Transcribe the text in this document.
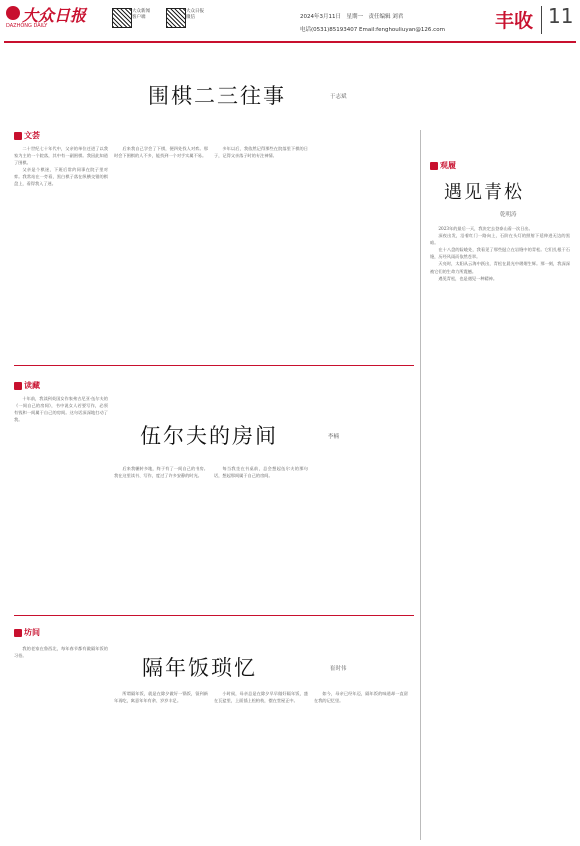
大众日报
DAZHONG DAILY
大众新闻
客户端
大众日报
微信	2024年3月11日　星期一　责任编辑 刘君
电话(0531)85193407 Email:fenghouliuyan@126.com	丰收 11
文荟
围棋二三往事	于志斌

二十世纪七十年代中，父亲的单位迁进了以我家为主的一个院落，其中有一副围棋。我因此知道了围棋。

父亲是个棋迷，下班后常约同事在院子里对弈。我常站在一旁看，黑白棋子落在纵横交错的棋盘上，看得我入了迷。

后来我自己学会了下棋，便四处找人对弈。那时会下围棋的人不多，能找到一个对手实属不易。

多年以后，我依然记得那些在院落里下棋的日子，记得父亲落子时的专注神情。

读藏
伍尔夫的房间	李楠

十年前，我读到英国女作家弗吉尼亚·伍尔夫的《一间自己的房间》，书中说女人若要写作，必须有钱和一间属于自己的房间。这句话深深地打动了我。

后来我辗转多地，终于有了一间自己的书房。我在这里读书、写作，度过了许多安静的时光。

每当我坐在书桌前，总会想起伍尔夫的那句话，想起那间属于自己的房间。

坊间
隔年饭琐忆	崔时伟

我的老家在鲁西北，每年春节都有做隔年饭的习俗。

所谓隔年饭，就是在除夕做好一锅饭，留到新年再吃，寓意年年有余、岁岁丰足。

小时候，母亲总是在除夕早早做好隔年饭，盛在瓦盆里，上面插上松柏枝，摆在堂屋正中。

如今，母亲已经年迈，隔年饭的味道却一直留在我的记忆里。

观履
遇见青松
乾明涛

2023年的最后一天，我决定去登泰山看一次日出。

深夜出发，沿着红门一路向上，石阶在头灯的照射下延伸进无边的黑暗。

在十八盘的险峻处，我看见了那些挺立在岩缝中的青松。它们扎根于石缝，历经风雨而依然苍翠。

天亮时，太阳从云海中跃出，青松在晨光中熠熠生辉。那一刻，我深深被它们的生命力所震撼。

遇见青松，也是遇见一种精神。
